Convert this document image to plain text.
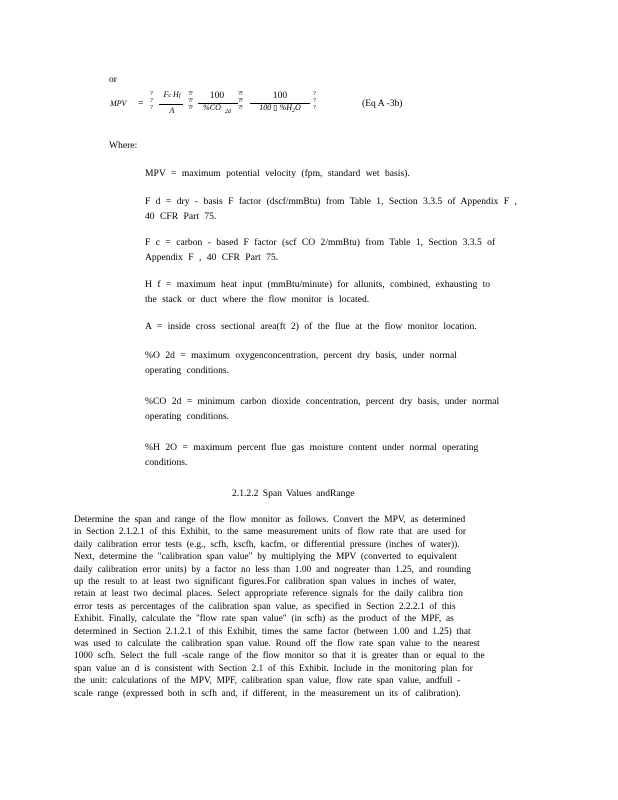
or
MPV =
?
?
?
Fc Hf
A
??
??
??
100
%CO $_{2d}$
??
??
??
100
100 ▯ $\%H_2O$
?
?
?	(Eq A -3b)
Where:
MPV = maximum potential velocity (fpm, standard wet basis).
F d = dry - basis F factor (dscf/mmBtu) from Table 1, Section 3.3.5 of Appendix F ,
40 CFR Part 75.
F c = carbon - based F factor (scf CO 2/mmBtu) from Table 1, Section 3.3.5 of
Appendix F , 40 CFR Part 75.
H f = maximum heat input (mmBtu/minute) for allunits, combined, exhausting to
the stack or duct where the flow monitor is located.
A = inside cross sectional area(ft 2) of the flue at the flow monitor location.
%O 2d = maximum oxygenconcentration, percent dry basis, under normal
operating conditions.
%CO 2d = minimum carbon dioxide concentration, percent dry basis, under normal
operating conditions.
%H 2O = maximum percent flue gas moisture content under normal operating
conditions.
2.1.2.2 Span Values andRange
Determine the span and range of the flow monitor as follows. Convert the MPV, as determined
in Section 2.1.2.1 of this Exhibit, to the same measurement units of flow rate that are used for
daily calibration error tests (e.g., scfh, kscfh, kacfm, or differential pressure (inches of water)).
Next, determine the "calibration span value" by multiplying the MPV (converted to equivalent
daily calibration error units) by a factor no less than 1.00 and nogreater than 1.25, and rounding
up the result to at least two significant figures.For calibration span values in inches of water,
retain at least two decimal places. Select appropriate reference signals for the daily calibra tion
error tests as percentages of the calibration span value, as specified in Section 2.2.2.1 of this
Exhibit. Finally, calculate the "flow rate span value" (in scfh) as the product of the MPF, as
determined in Section 2.1.2.1 of this Exhibit, times the same factor (between 1.00 and 1.25) that
was used to calculate the calibration span value. Round off the flow rate span value to the nearest
1000 scfh. Select the full -scale range of the flow monitor so that it is greater than or equal to the
span value an d is consistent with Section 2.1 of this Exhibit. Include in the monitoring plan for
the unit: calculations of the MPV, MPF, calibration span value, flow rate span value, andfull -
scale range (expressed both in scfh and, if different, in the measurement un its of calibration).
